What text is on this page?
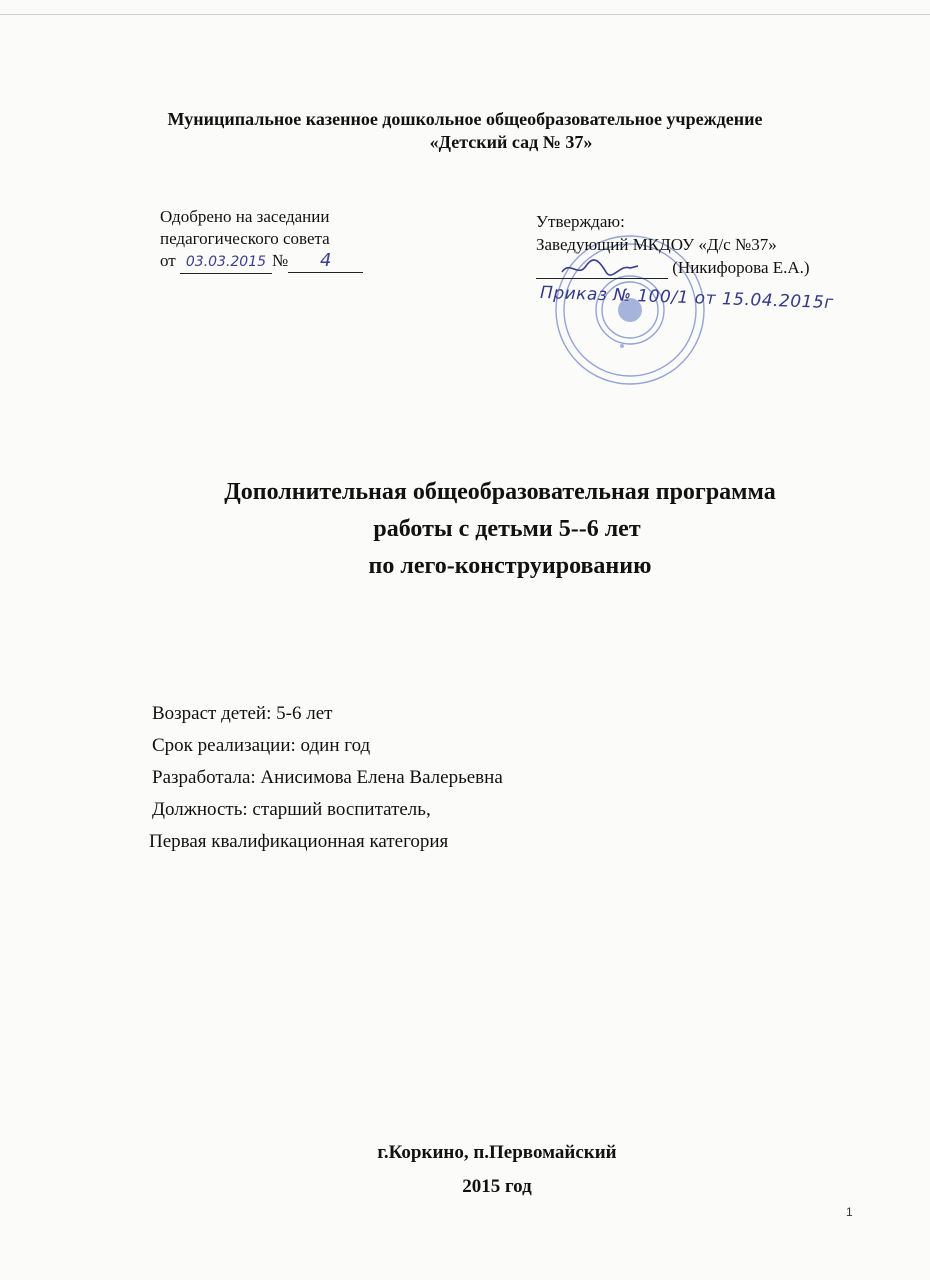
Муниципальное казенное дошкольное общеобразовательное учреждение
«Детский сад № 37»
Одобрено на заседании
педагогического совета
от 03.03.2015 № 4
Утверждаю:
Заведующий МКДОУ «Д/с №37»
(Никифорова Е.А.)
Приказ № 100/1 от 15.04.2015г
Дополнительная общеобразовательная программа
работы с детьми 5-‐6 лет
по лего-конструированию
Возраст детей: 5-6 лет
Срок реализации: один год
Разработала: Анисимова Елена Валерьевна
Должность: старший воспитатель,
Первая квалификационная категория
г.Коркино, п.Первомайский
2015 год
1
